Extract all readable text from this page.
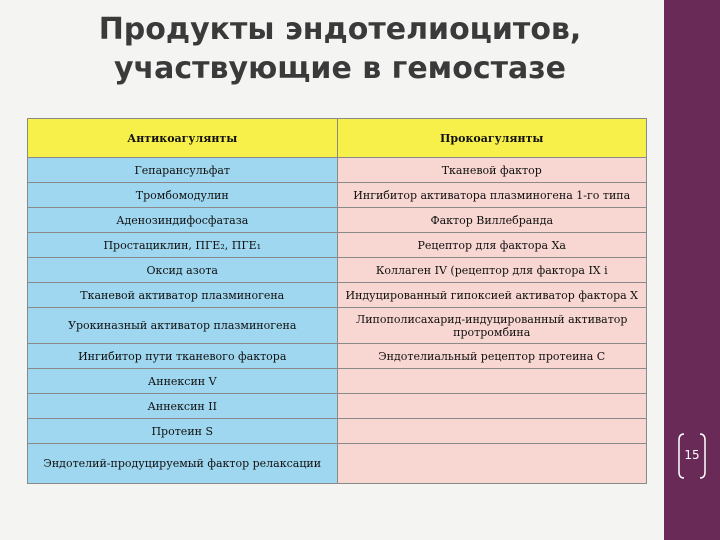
Продукты эндотелиоцитов,
участвующие в гемостазе
Антикоагулянты	Прокоагулянты
Гепарансульфат	Тканевой фактор
Тромбомодулин	Ингибитор активатора плазминогена 1-го типа
Аденозиндифосфатаза	Фактор Виллебранда
Простациклин, ПГЕ₂, ПГЕ₁	Рецептор для фактора Ха
Оксид азота	Коллаген IV (рецептор для фактора IX i
Тканевой активатор плазминогена	Индуцированный гипоксией активатор фактора Х
Урокиназный активатор плазминогена	Липополисахарид-индуцированный активатор протромбина
Ингибитор пути тканевого фактора	Эндотелиальный рецептор протеина С
Аннексин V	
Аннексин II	
Протеин S	
Эндотелий-продуцируемый фактор релаксации	
15
